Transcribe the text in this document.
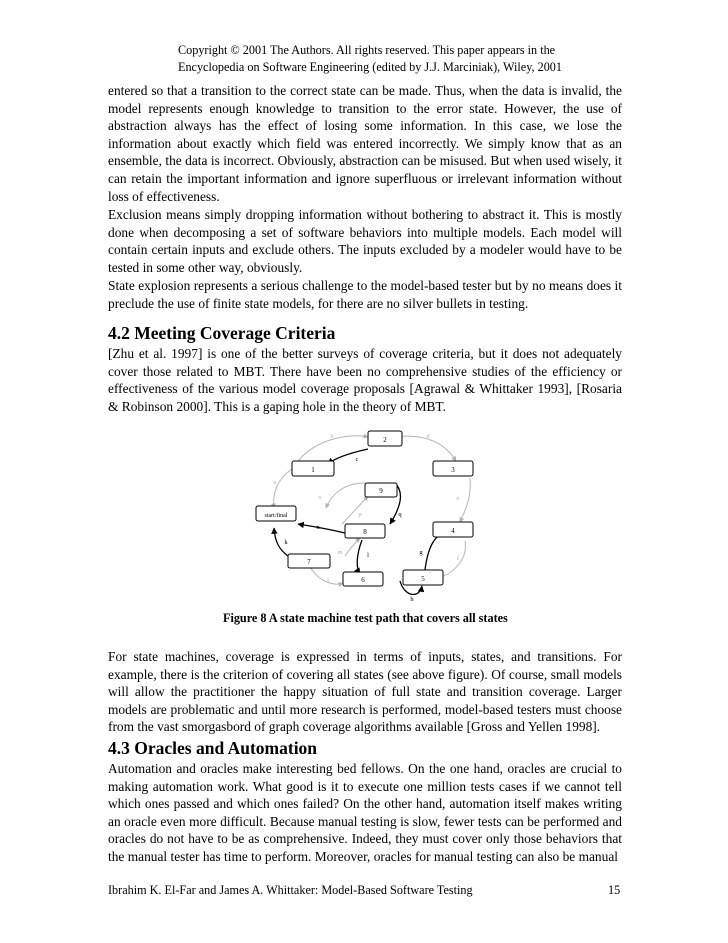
Copyright © 2001 The Authors. All rights reserved. This paper appears in the
Encyclopedia on Software Engineering (edited by J.J. Marciniak), Wiley, 2001

entered so that a transition to the correct state can be made. Thus, when the data is invalid, the model represents enough knowledge to transition to the error state. However, the use of abstraction always has the effect of losing some information. In this case, we lose the information about exactly which field was entered incorrectly. We simply know that as an ensemble, the data is incorrect. Obviously, abstraction can be misused. But when used wisely, it can retain the important information and ignore superfluous or irrelevant information without loss of effectiveness.

Exclusion means simply dropping information without bothering to abstract it. This is mostly done when decomposing a set of software behaviors into multiple models. Each model will contain certain inputs and exclude others. The inputs excluded by a modeler would have to be tested in some other way, obviously.

State explosion represents a serious challenge to the model-based tester but by no means does it preclude the use of finite state models, for there are no silver bullets in testing.

4.2 Meeting Coverage Criteria

[Zhu et al. 1997] is one of the better surveys of coverage criteria, but it does not adequately cover those related to MBT. There have been no comprehensive studies of the efficiency or effectiveness of the various model coverage proposals [Agrawal & Whittaker 1993], [Rosaria & Robinson 2000]. This is a gaping hole in the theory of MBT.

2
1	3
9
start/final
8	4
7
6	5
b	d
c
a
o	e
p	q
n
k
m	l	g
f
j
i
h
Figure 8 A state machine test path that covers all states

For state machines, coverage is expressed in terms of inputs, states, and transitions. For example, there is the criterion of covering all states (see above figure). Of course, small models will allow the practitioner the happy situation of full state and transition coverage. Larger models are problematic and until more research is performed, model-based testers must choose from the vast smorgasbord of graph coverage algorithms available [Gross and Yellen 1998].

4.3 Oracles and Automation

Automation and oracles make interesting bed fellows. On the one hand, oracles are crucial to making automation work. What good is it to execute one million tests cases if we cannot tell which ones passed and which ones failed? On the other hand, automation itself makes writing an oracle even more difficult. Because manual testing is slow, fewer tests can be performed and oracles do not have to be as comprehensive. Indeed, they must cover only those behaviors that the manual tester has time to perform. Moreover, oracles for manual testing can also be manual

Ibrahim K. El-Far and James A. Whittaker: Model-Based Software Testing	15
